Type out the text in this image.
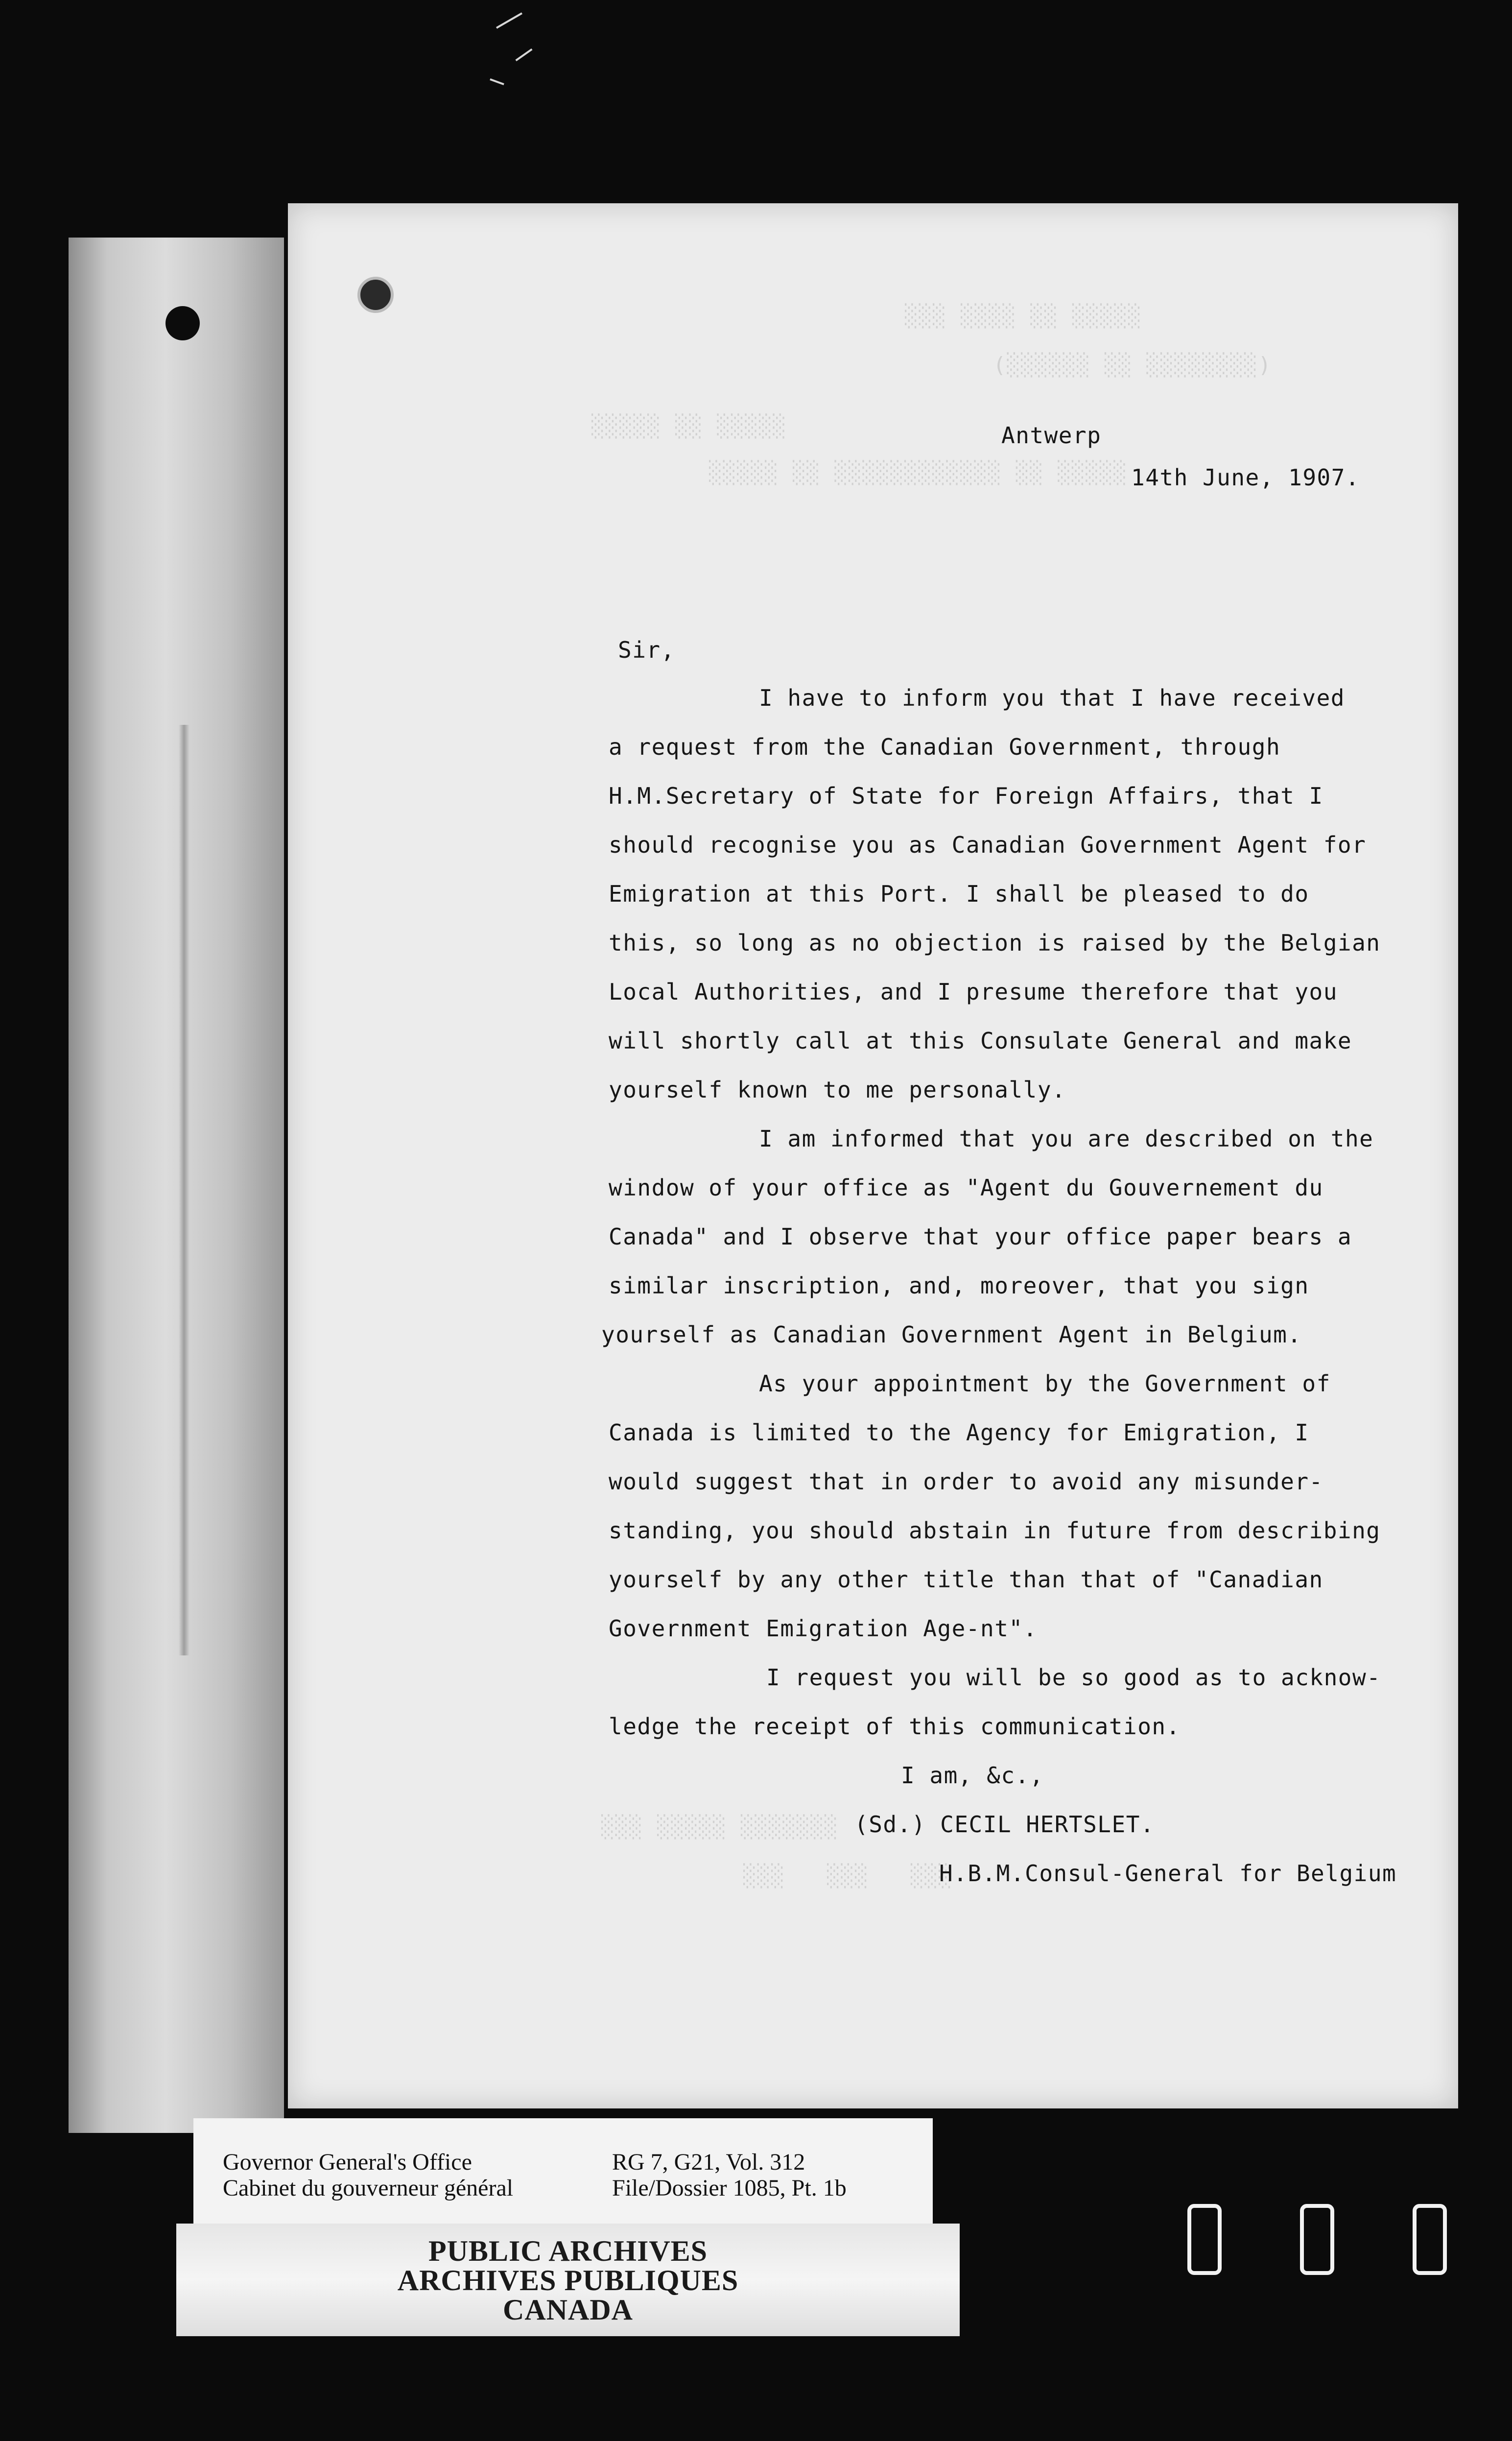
░░░ ░░░░ ░░ ░░░░░
(░░░░░░ ░░ ░░░░░░░░)
░░░░░ ░░ ░░░░░
░░░░░ ░░ ░░░░░░░░░░░░ ░░ ░░░░░
░░░ ░░░░░ ░░░░░░░
░░░   ░░░   ░░░
Antwerp
14th June, 1907.
Sir,
I have to inform you that I have received
a request from the Canadian Government, through
H.M.Secretary of State for Foreign Affairs, that I
should recognise you as Canadian Government Agent for
Emigration at this Port. I shall be pleased to do
this, so long as no objection is raised by the Belgian
Local Authorities, and I presume therefore that you
will shortly call at this Consulate General and make
yourself known to me personally.
I am informed that you are described on the
window of your office as "Agent du Gouvernement du
Canada" and I observe that your office paper bears a
similar inscription, and, moreover, that you sign
yourself as Canadian Government Agent in Belgium.
As your appointment by the Government of
Canada is limited to the Agency for Emigration, I
would suggest that in order to avoid any misunder-
standing, you should abstain in future from describing
yourself by any other title than that of "Canadian
Government Emigration Age-nt".
I request you will be so good as to acknow-
ledge the receipt of this communication.
I am, &c.,
(Sd.) CECIL HERTSLET.
H.B.M.Consul-General for Belgium
Governor General's Office
Cabinet du gouverneur général
RG 7, G21, Vol. 312
File/Dossier 1085, Pt. 1b
PUBLIC ARCHIVES
ARCHIVES PUBLIQUES
CANADA
